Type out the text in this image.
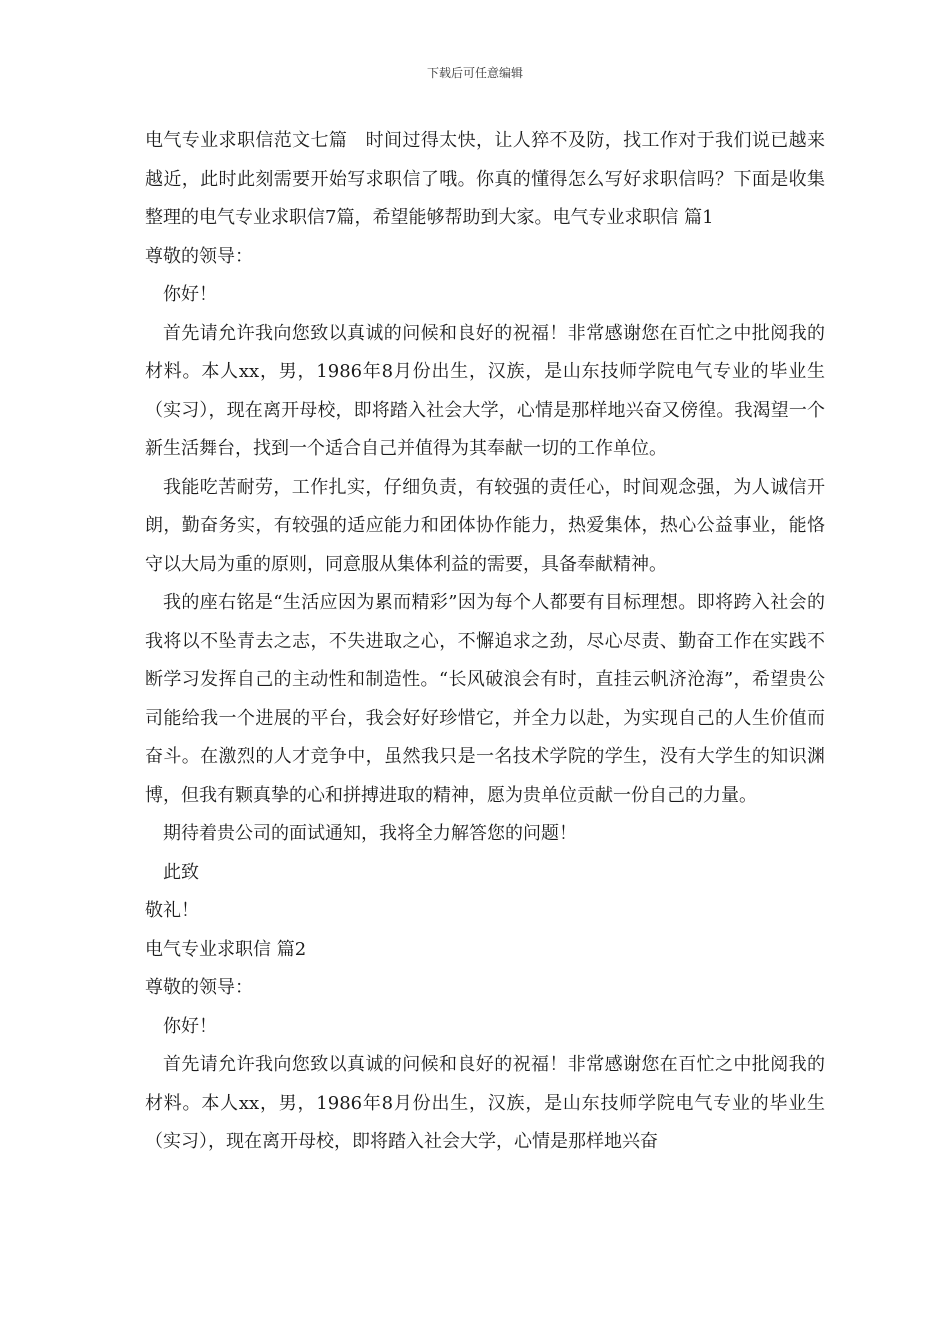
下载后可任意编辑

电气专业求职信范文七篇　时间过得太快，让人猝不及防，找工作对于我们说已越来越近，此时此刻需要开始写求职信了哦。你真的懂得怎么写好求职信吗？下面是收集整理的电气专业求职信7篇，希望能够帮助到大家。电气专业求职信 篇1

尊敬的领导：

你好！

首先请允许我向您致以真诚的问候和良好的祝福！非常感谢您在百忙之中批阅我的材料。本人xx，男，1986年8月份出生，汉族，是山东技师学院电气专业的毕业生（实习），现在离开母校，即将踏入社会大学，心情是那样地兴奋又傍徨。我渴望一个新生活舞台，找到一个适合自己并值得为其奉献一切的工作单位。

我能吃苦耐劳，工作扎实，仔细负责，有较强的责任心，时间观念强，为人诚信开朗，勤奋务实，有较强的适应能力和团体协作能力，热爱集体，热心公益事业，能恪守以大局为重的原则，同意服从集体利益的需要，具备奉献精神。

我的座右铭是“生活应因为累而精彩”因为每个人都要有目标理想。即将跨入社会的我将以不坠青去之志，不失进取之心，不懈追求之劲，尽心尽责、勤奋工作在实践不断学习发挥自己的主动性和制造性。“长风破浪会有时，直挂云帆济沧海”，希望贵公司能给我一个进展的平台，我会好好珍惜它，并全力以赴，为实现自己的人生价值而奋斗。在激烈的人才竞争中，虽然我只是一名技术学院的学生，没有大学生的知识渊博，但我有颗真挚的心和拼搏进取的精神，愿为贵单位贡献一份自己的力量。

期待着贵公司的面试通知，我将全力解答您的问题！

此致

敬礼！

电气专业求职信 篇2

尊敬的领导：

你好！

首先请允许我向您致以真诚的问候和良好的祝福！非常感谢您在百忙之中批阅我的材料。本人xx，男，1986年8月份出生，汉族，是山东技师学院电气专业的毕业生（实习），现在离开母校，即将踏入社会大学，心情是那样地兴奋
